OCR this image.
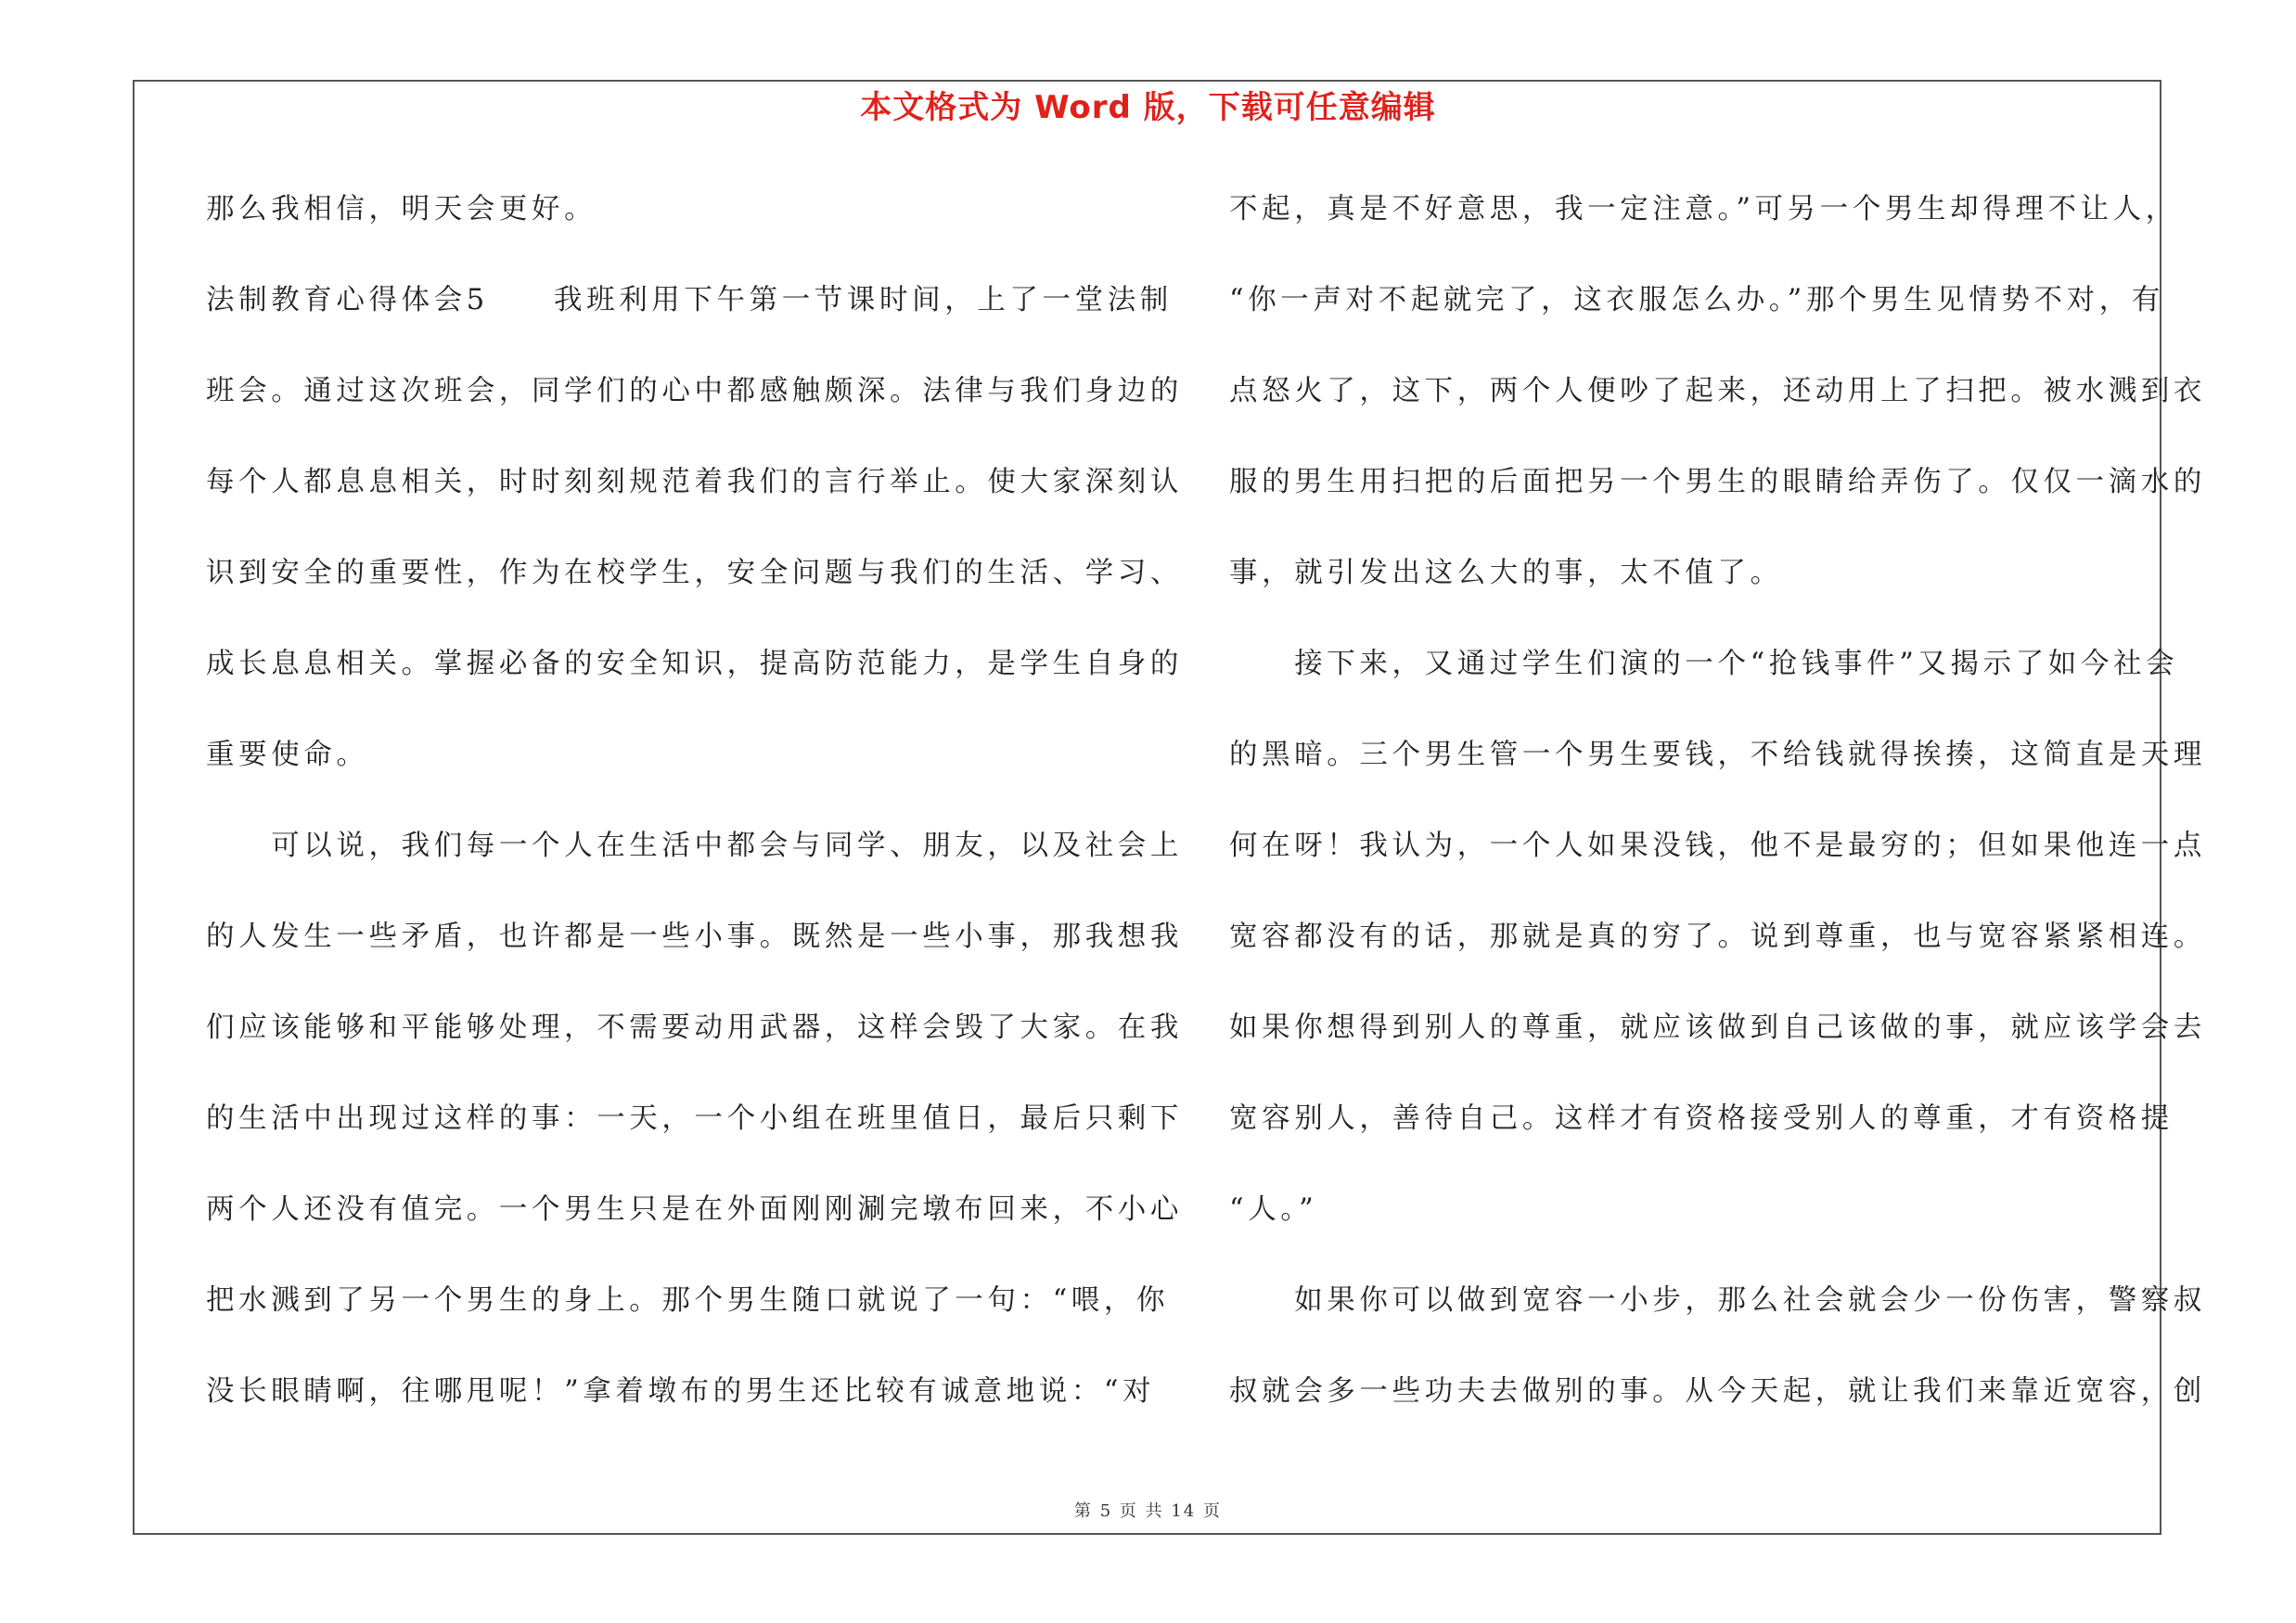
本文格式为 Word 版，下载可任意编辑
那么我相信，明天会更好。
法制教育心得体会5　　我班利用下午第一节课时间，上了一堂法制
班会。通过这次班会，同学们的心中都感触颇深。法律与我们身边的
每个人都息息相关，时时刻刻规范着我们的言行举止。使大家深刻认
识到安全的重要性，作为在校学生，安全问题与我们的生活、学习、
成长息息相关。掌握必备的安全知识，提高防范能力，是学生自身的
重要使命。
　　可以说，我们每一个人在生活中都会与同学、朋友，以及社会上
的人发生一些矛盾，也许都是一些小事。既然是一些小事，那我想我
们应该能够和平能够处理，不需要动用武器，这样会毁了大家。在我
的生活中出现过这样的事：一天，一个小组在班里值日，最后只剩下
两个人还没有值完。一个男生只是在外面刚刚涮完墩布回来，不小心
把水溅到了另一个男生的身上。那个男生随口就说了一句：“喂，你
没长眼睛啊，往哪甩呢！”拿着墩布的男生还比较有诚意地说：“对
不起，真是不好意思，我一定注意。”可另一个男生却得理不让人，
“你一声对不起就完了，这衣服怎么办。”那个男生见情势不对，有
点怒火了，这下，两个人便吵了起来，还动用上了扫把。被水溅到衣
服的男生用扫把的后面把另一个男生的眼睛给弄伤了。仅仅一滴水的
事，就引发出这么大的事，太不值了。
　　接下来，又通过学生们演的一个“抢钱事件”又揭示了如今社会
的黑暗。三个男生管一个男生要钱，不给钱就得挨揍，这简直是天理
何在呀！我认为，一个人如果没钱，他不是最穷的；但如果他连一点
宽容都没有的话，那就是真的穷了。说到尊重，也与宽容紧紧相连。
如果你想得到别人的尊重，就应该做到自己该做的事，就应该学会去
宽容别人，善待自己。这样才有资格接受别人的尊重，才有资格提
“人。”
　　如果你可以做到宽容一小步，那么社会就会少一份伤害，警察叔
叔就会多一些功夫去做别的事。从今天起，就让我们来靠近宽容，创
第 5 页 共 14 页
